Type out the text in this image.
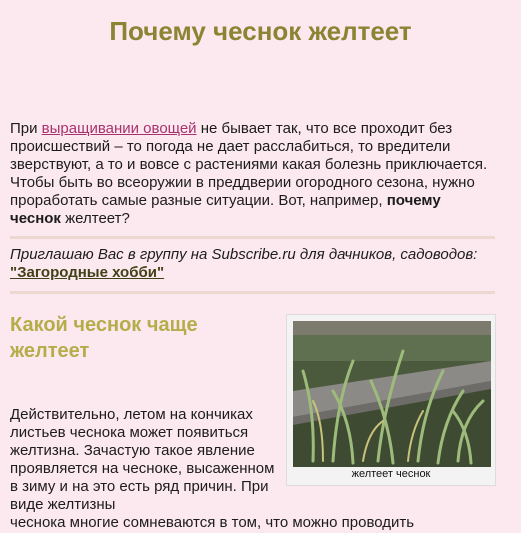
Почему чеснок желтеет

При выращивании овощей не бывает так, что все проходит без происшествий – то погода не дает расслабиться, то вредители зверствуют, а то и вовсе с растениями какая болезнь приключается. Чтобы быть во всеоружии в преддверии огородного сезона, нужно проработать самые разные ситуации. Вот, например, почему чеснок желтеет?

Приглашаю Вас в группу на Subscribe.ru для дачников, садоводов: "Загородные хобби"

Какой чеснок чаще желтеет
желтеет чеснок

Действительно, летом на кончиках листьев чеснока может появиться желтизна. Зачастую такое явление проявляется на чесноке, высаженном в зиму и на это есть ряд причин. При виде желтизны

чеснока многие сомневаются в том, что можно проводить
